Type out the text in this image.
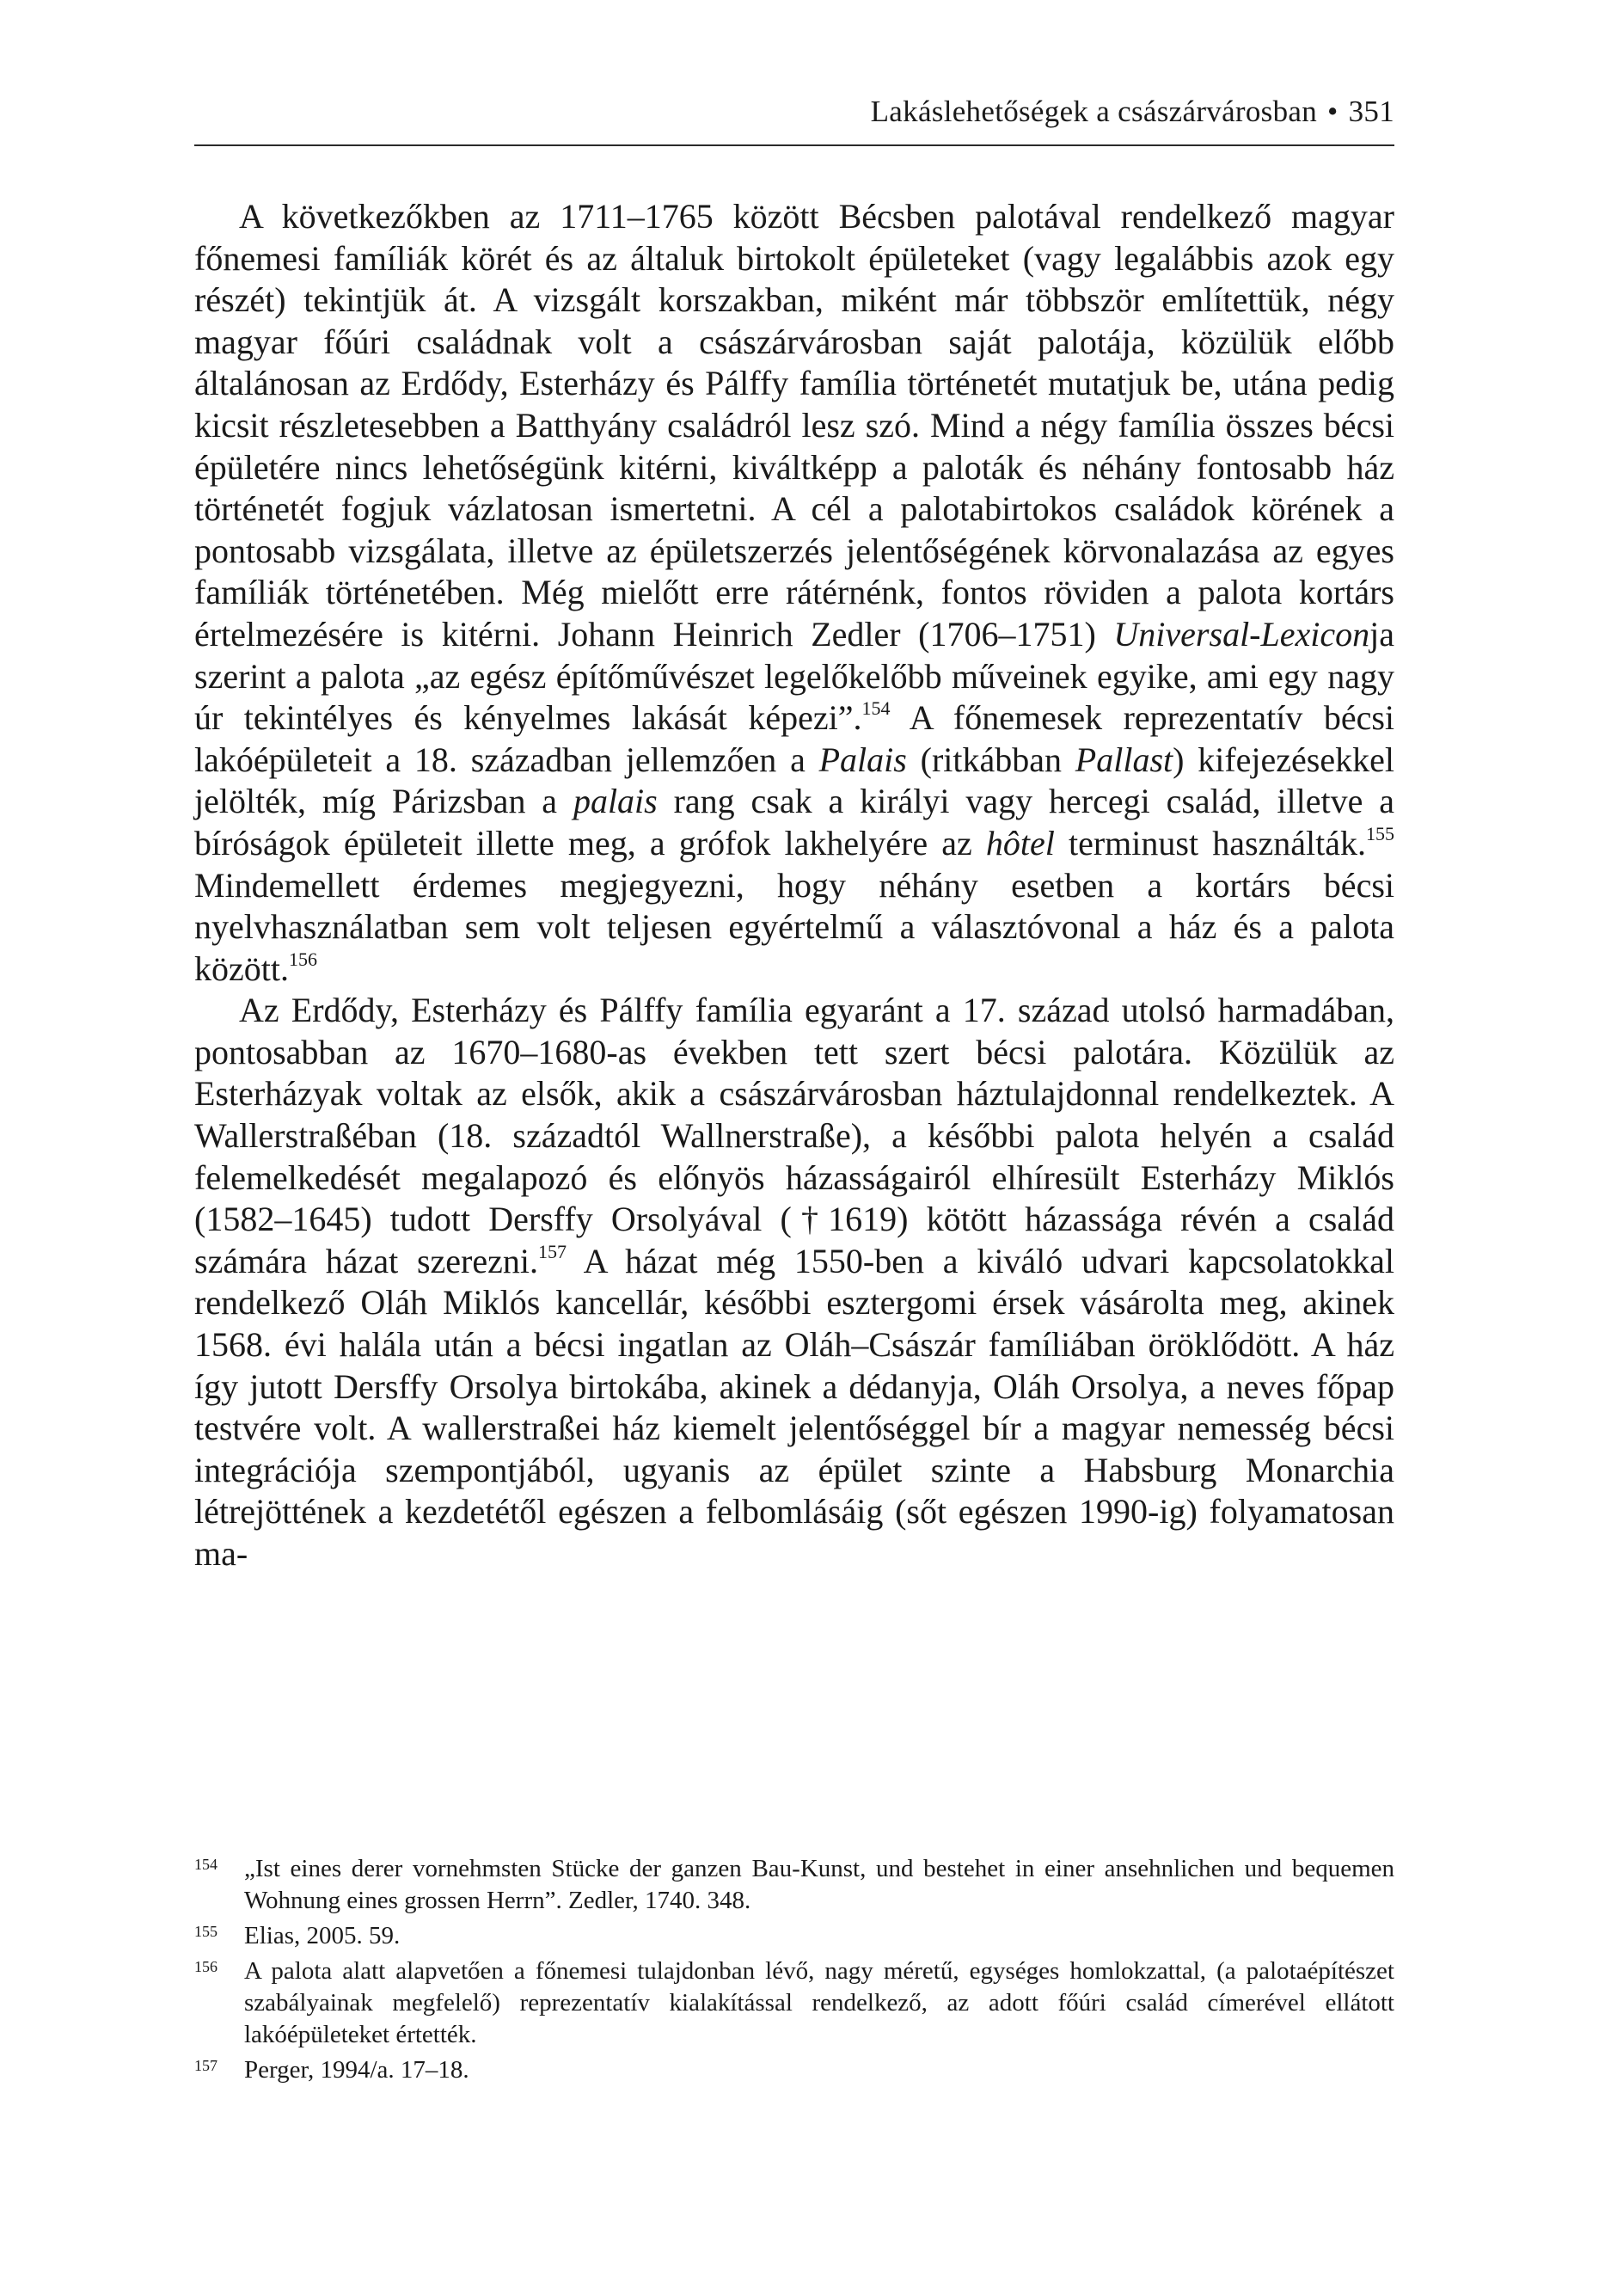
Lakáslehetőségek a császárvárosban • 351

A következőkben az 1711–1765 között Bécsben palotával rendelkező magyar főnemesi famíliák körét és az általuk birtokolt épületeket (vagy legalábbis azok egy részét) tekintjük át. A vizsgált korszakban, miként már többször említettük, négy magyar főúri családnak volt a császárvárosban saját palotája, közülük előbb általánosan az Erdődy, Esterházy és Pálffy família történetét mutatjuk be, utána pedig kicsit részletesebben a Batthyány családról lesz szó. Mind a négy família összes bécsi épületére nincs lehetőségünk kitérni, kiváltképp a paloták és néhány fontosabb ház történetét fogjuk vázlatosan ismertetni. A cél a palotabirtokos családok körének a pontosabb vizsgálata, illetve az épületszerzés jelentőségének körvonalazása az egyes famíliák történetében. Még mielőtt erre rátérnénk, fontos röviden a palota kortárs értelmezésére is kitérni. Johann Heinrich Zedler (1706–1751) Universal-Lexiconja szerint a palota „az egész építőművészet legelőkelőbb műveinek egyike, ami egy nagy úr tekintélyes és kényelmes lakását képezi”.$^{154}$ A főnemesek reprezentatív bécsi lakóépületeit a 18. században jellemzően a Palais (ritkábban Pallast) kifejezésekkel jelölték, míg Párizsban a palais rang csak a királyi vagy hercegi család, illetve a bíróságok épületeit illette meg, a grófok lakhelyére az hôtel terminust használták.$^{155}$ Mindemellett érdemes megjegyezni, hogy néhány esetben a kortárs bécsi nyelvhasználatban sem volt teljesen egyértelmű a választóvonal a ház és a palota között.$^{156}$

Az Erdődy, Esterházy és Pálffy família egyaránt a 17. század utolsó harmadában, pontosabban az 1670–1680-as években tett szert bécsi palotára. Közülük az Esterházyak voltak az elsők, akik a császárvárosban háztulajdonnal rendelkeztek. A Wallerstraßéban (18. századtól Wallnerstraße), a későbbi palota helyén a család felemelkedését megalapozó és előnyös házasságairól elhíresült Esterházy Miklós (1582–1645) tudott Dersffy Orsolyával (†1619) kötött házassága révén a család számára házat szerezni.$^{157}$ A házat még 1550-ben a kiváló udvari kapcsolatokkal rendelkező Oláh Miklós kancellár, későbbi esztergomi érsek vásárolta meg, akinek 1568. évi halála után a bécsi ingatlan az Oláh–Császár famíliában öröklődött. A ház így jutott Dersffy Orsolya birtokába, akinek a dédanyja, Oláh Orsolya, a neves főpap testvére volt. A wallerstraßei ház kiemelt jelentőséggel bír a magyar nemesség bécsi integrációja szempontjából, ugyanis az épület szinte a Habsburg Monarchia létrejöttének a kezdetétől egészen a felbomlásáig (sőt egészen 1990-ig) folyamatosan ma-

154 „Ist eines derer vornehmsten Stücke der ganzen Bau-Kunst, und bestehet in einer ansehnlichen und bequemen Wohnung eines grossen Herrn”. Zedler, 1740. 348.
155 Elias, 2005. 59.
156 A palota alatt alapvetően a főnemesi tulajdonban lévő, nagy méretű, egységes homlokzattal, (a palotaépítészet szabályainak megfelelő) reprezentatív kialakítással rendelkező, az adott főúri család címerével ellátott lakóépületeket értették.
157 Perger, 1994/a. 17–18.
